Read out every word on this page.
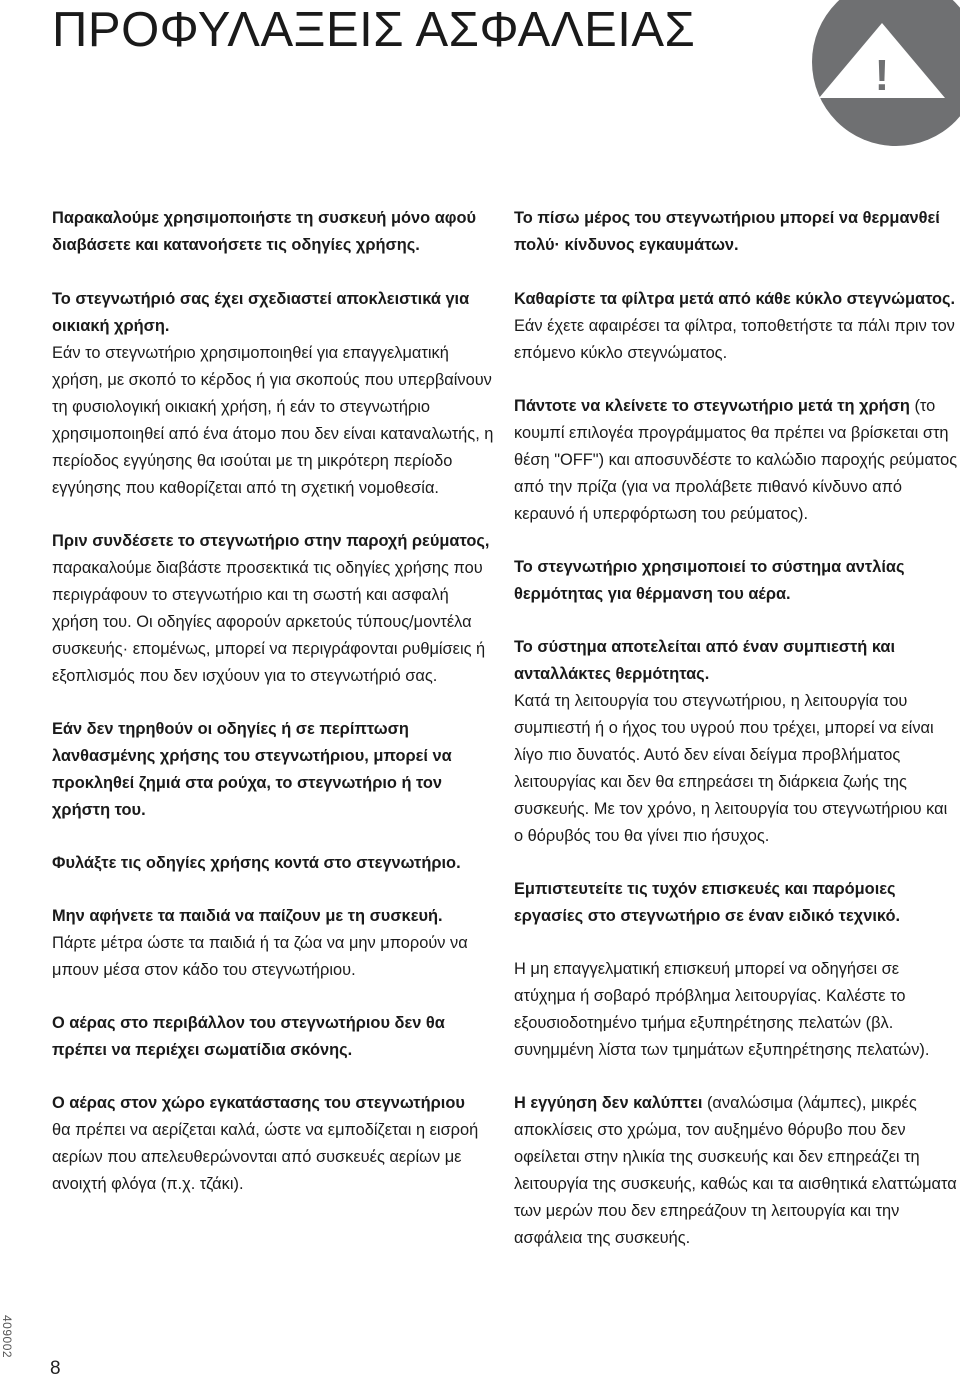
ΠΡΟΦΥΛΑΞΕΙΣ ΑΣΦΑΛΕΙΑΣ
!

Παρακαλούμε χρησιμοποιήστε τη συσκευή μόνο αφού διαβάσετε και κατανοήσετε τις οδηγίες χρήσης.

Το στεγνωτήριό σας έχει σχεδιαστεί αποκλειστικά για οικιακή χρήση.
Εάν το στεγνωτήριο χρησιμοποιηθεί για επαγγελματική χρήση, με σκοπό το κέρδος ή για σκοπούς που υπερβαίνουν τη φυσιολογική οικιακή χρήση, ή εάν το στεγνωτήριο χρησιμοποιηθεί από ένα άτομο που δεν είναι καταναλωτής, η περίοδος εγγύησης θα ισούται με τη μικρότερη περίοδο εγγύησης που καθορίζεται από τη σχετική νομοθεσία.

Πριν συνδέσετε το στεγνωτήριο στην παροχή ρεύματος, παρακαλούμε διαβάστε προσεκτικά τις οδηγίες χρήσης που περιγράφουν το στεγνωτήριο και τη σωστή και ασφαλή χρήση του. Οι οδηγίες αφορούν αρκετούς τύπους/μοντέλα συσκευής· επομένως, μπορεί να περιγράφονται ρυθμίσεις ή εξοπλισμός που δεν ισχύουν για το στεγνωτήριό σας.

Εάν δεν τηρηθούν οι οδηγίες ή σε περίπτωση λανθασμένης χρήσης του στεγνωτήριου, μπορεί να προκληθεί ζημιά στα ρούχα, το στεγνωτήριο ή τον χρήστη του.

Φυλάξτε τις οδηγίες χρήσης κοντά στο στεγνωτήριο.

Μην αφήνετε τα παιδιά να παίζουν με τη συσκευή.
Πάρτε μέτρα ώστε τα παιδιά ή τα ζώα να μην μπορούν να μπουν μέσα στον κάδο του στεγνωτήριου.

Ο αέρας στο περιβάλλον του στεγνωτήριου δεν θα πρέπει να περιέχει σωματίδια σκόνης.

Ο αέρας στον χώρο εγκατάστασης του στεγνωτήριου
θα πρέπει να αερίζεται καλά, ώστε να εμποδίζεται η εισροή αερίων που απελευθερώνονται από συσκευές αερίων με ανοιχτή φλόγα (π.χ. τζάκι).

Το πίσω μέρος του στεγνωτήριου μπορεί να θερμανθεί πολύ· κίνδυνος εγκαυμάτων.

Καθαρίστε τα φίλτρα μετά από κάθε κύκλο στεγνώματος. Εάν έχετε αφαιρέσει τα φίλτρα, τοποθετήστε τα πάλι πριν τον επόμενο κύκλο στεγνώματος.

Πάντοτε να κλείνετε το στεγνωτήριο μετά τη χρήση (το κουμπί επιλογέα προγράμματος θα πρέπει να βρίσκεται στη θέση "OFF") και αποσυνδέστε το καλώδιο παροχής ρεύματος από την πρίζα (για να προλάβετε πιθανό κίνδυνο από κεραυνό ή υπερφόρτωση του ρεύματος).

Το στεγνωτήριο χρησιμοποιεί το σύστημα αντλίας θερμότητας για θέρμανση του αέρα.

Το σύστημα αποτελείται από έναν συμπιεστή και ανταλλάκτες θερμότητας.
Κατά τη λειτουργία του στεγνωτήριου, η λειτουργία του συμπιεστή ή ο ήχος του υγρού που τρέχει, μπορεί να είναι λίγο πιο δυνατός. Αυτό δεν είναι δείγμα προβλήματος λειτουργίας και δεν θα επηρεάσει τη διάρκεια ζωής της συσκευής. Με τον χρόνο, η λειτουργία του στεγνωτήριου και ο θόρυβός του θα γίνει πιο ήσυχος.

Εμπιστευτείτε τις τυχόν επισκευές και παρόμοιες εργασίες στο στεγνωτήριο σε έναν ειδικό τεχνικό.

Η μη επαγγελματική επισκευή μπορεί να οδηγήσει σε ατύχημα ή σοβαρό πρόβλημα λειτουργίας. Καλέστε το εξουσιοδοτημένο τμήμα εξυπηρέτησης πελατών (βλ. συνημμένη λίστα των τμημάτων εξυπηρέτησης πελατών).

Η εγγύηση δεν καλύπτει (αναλώσιμα (λάμπες), μικρές αποκλίσεις στο χρώμα, τον αυξημένο θόρυβο που δεν οφείλεται στην ηλικία της συσκευής και δεν επηρεάζει τη λειτουργία της συσκευής, καθώς και τα αισθητικά ελαττώματα των μερών που δεν επηρεάζουν τη λειτουργία και την ασφάλεια της συσκευής.

409002
8
